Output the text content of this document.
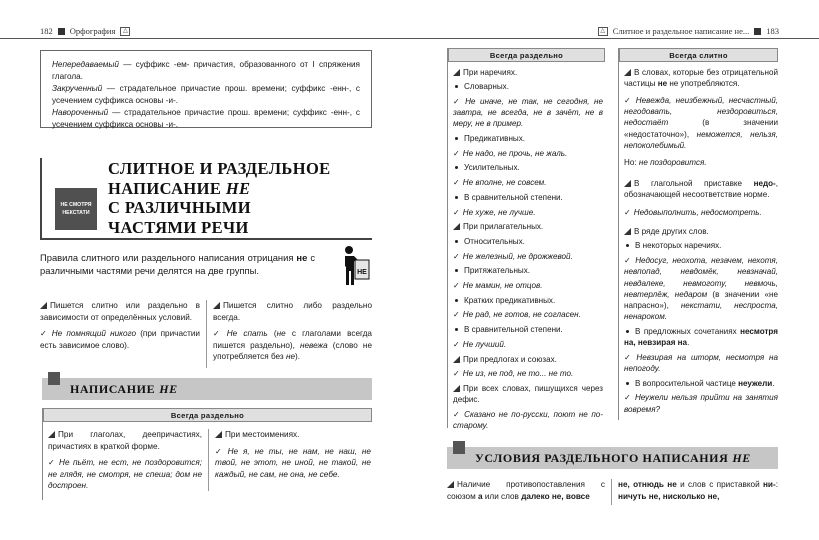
182 Орфография	△

Непередаваемый — суффикс -ем- причастия, образованного от I спряжения глагола.

Закрученный — страдательное причастие прош. времени; суффикс -енн-, с усечением суффикса основы -и-.

Навороченный — страдательное причастие прош. времени; суффикс -енн-, с усечением суффикса основы -и-.

НЕ СМОТРЯ
НЕКСТАТИ
СЛИТНОЕ И РАЗДЕЛЬНОЕ
НАПИСАНИЕ НЕ
С РАЗЛИЧНЫМИ
ЧАСТЯМИ РЕЧИ
Правила слитного или раздельного написания отрицания не с различными частями речи делятся на две группы.	НЕ

Пишется слитно или раздельно в зависимости от определённых условий.

✓ Не помнящий никого (при причастии есть зависимое слово).

Пишется слитно либо раздельно всегда.

✓ Не спать (не с глаголами всегда пишется раздельно), невежа (слово не употребляется без не).

НАПИСАНИЕ НЕ
Всегда раздельно

При глаголах, деепричастиях, причастиях в краткой форме.

✓ Не пьёт, не ест, не поздоровится; не глядя, не смотря, не спеша; дом не достроен.

При местоимениях.

✓ Не я, не ты, не нам, не наш, не твой, не этот, не иной, не такой, не каждый, не сам, не она, не себе.

△ Слитное и раздельное написание не... 183
Всегда раздельно
При наречиях.
Словарных.
✓ Не иначе, не так, не сегодня, не завтра, не всегда, не в зачёт, не в меру, не в пример.
Предикативных.
✓ Не надо, не прочь, не жаль.
Усилительных.
✓ Не вполне, не совсем.
В сравнительной степени.
✓ Не хуже, не лучше.
При прилагательных.
Относительных.
✓ Не железный, не дрожжевой.
Притяжательных.
✓ Не мамин, не отцов.
Кратких предикативных.
✓ Не рад, не готов, не согласен.
В сравнительной степени.
✓ Не лучший.
При предлогах и союзах.
✓ Не из, не под, не то... не то.
При всех словах, пишущихся через дефис.
✓ Сказано не по-русски, поют не по-старому.
Всегда слитно
В словах, которые без отрицательной частицы не не употребляются.
✓ Невежда, неизбежный, несчастный, негодовать, нездоровиться, недостаёт (в значении «недостаточно»), неможется, нельзя, непоколебимый.
Но: не поздоровится.
В глагольной приставке недо-, обозначающей несоответствие норме.
✓ Недовыполнить, недосмотреть.
В ряде других слов.
В некоторых наречиях.
✓ Недосуг, неохота, незачем, нехотя, невпопад, невдомёк, невзначай, невдалеке, невмоготу, невмочь, невтерлёж, недаром (в значении «не напрасно»), некстати, неспроста, ненароком.
В предложных сочетаниях несмотря на, невзирая на.
✓ Невзирая на шторм, несмотря на непогоду.
В вопросительной частице неужели.
✓ Неужели нельзя прийти на занятия вовремя?
УСЛОВИЯ РАЗДЕЛЬНОГО НАПИСАНИЯ НЕ

Наличие противопоставления с союзом а или слов далеко не, вовсе

не, отнюдь не и слов с приставкой ни-: ничуть не, нисколько не,
